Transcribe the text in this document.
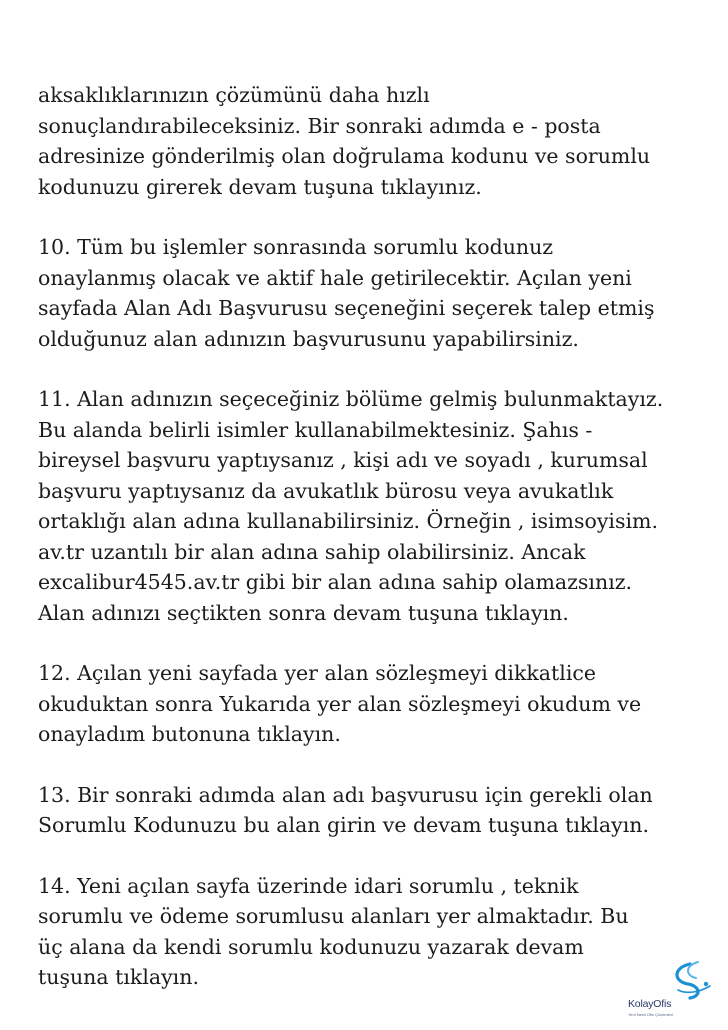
aksaklıklarınızın çözümünü daha hızlı
sonuçlandırabileceksiniz. Bir sonraki adımda e - posta
adresinize gönderilmiş olan doğrulama kodunu ve sorumlu
kodunuzu girerek devam tuşuna tıklayınız.

10. Tüm bu işlemler sonrasında sorumlu kodunuz
onaylanmış olacak ve aktif hale getirilecektir. Açılan yeni
sayfada Alan Adı Başvurusu seçeneğini seçerek talep etmiş
olduğunuz alan adınızın başvurusunu yapabilirsiniz.

11. Alan adınızın seçeceğiniz bölüme gelmiş bulunmaktayız.
Bu alanda belirli isimler kullanabilmektesiniz. Şahıs -
bireysel başvuru yaptıysanız , kişi adı ve soyadı , kurumsal
başvuru yaptıysanız da avukatlık bürosu veya avukatlık
ortaklığı alan adına kullanabilirsiniz. Örneğin , isimsoyisim.
av.tr uzantılı bir alan adına sahip olabilirsiniz. Ancak
excalibur4545.av.tr gibi bir alan adına sahip olamazsınız.
Alan adınızı seçtikten sonra devam tuşuna tıklayın.

12. Açılan yeni sayfada yer alan sözleşmeyi dikkatlice
okuduktan sonra Yukarıda yer alan sözleşmeyi okudum ve
onayladım butonuna tıklayın.

13. Bir sonraki adımda alan adı başvurusu için gerekli olan
Sorumlu Kodunuzu bu alan girin ve devam tuşuna tıklayın.

14. Yeni açılan sayfa üzerinde idari sorumlu , teknik
sorumlu ve ödeme sorumlusu alanları yer almaktadır. Bu
üç alana da kendi sorumlu kodunuzu yazarak devam
tuşuna tıklayın.

KolayOfis
Yeni Nesil Ofis Çözümleri
